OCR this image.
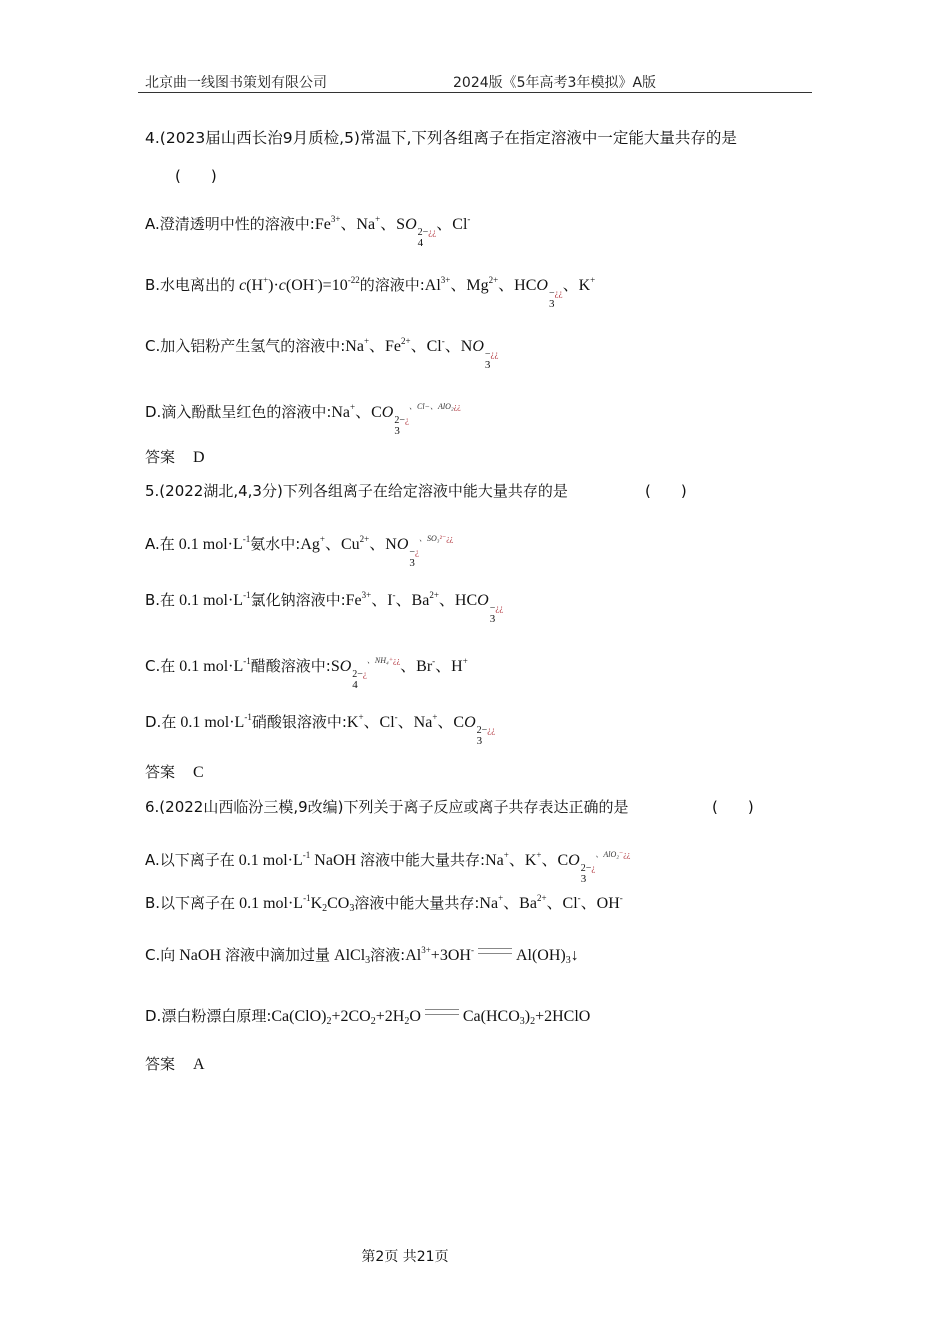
北京曲一线图书策划有限公司	2024版《5年高考3年模拟》A版
4.(2023届山西长治9月质检,5)常温下,下列各组离子在指定溶液中一定能大量共存的是
(　　)
A.澄清透明中性的溶液中$:Fe^{3+}$、Na+、SO 2−¿¿
4
、Cl-
B.水电离出的 $c(H^+)\cdot c(OH^-)=10^{-22}$的溶液中$:Al^{3+}$、$Mg^{2+}$、HCO −¿¿
3
、K+
C.加入铝粉产生氢气的溶液中:Na+、$Fe^{2+}$、Cl-、NO −¿¿
3
D.滴入酚酞呈红色的溶液中:Na+、CO 2−¿
3
$^{、Cl-、AlO_2¿¿}$
答案 D
5.(2022湖北,4,3分)下列各组离子在给定溶液中能大量共存的是	(　　)
A.在 0.1 $mol\cdot L^{-1}$氨水中:Ag+、$Cu^{2+}$、NO −¿
3
$^{、SO_3^{2-}¿¿}$
B.在 0.1 $mol\cdot L^{-1}$氯化钠溶液中$:Fe^{3+}$、I-、$Ba^{2+}$、HCO −¿¿
3
C.在 0.1 $mol\cdot L^{-1}$醋酸溶液中:SO 2−¿
4
$^{、NH_4^+¿¿}$、Br-、H+
D.在 0.1 $mol\cdot L^{-1}$硝酸银溶液中:K+、Cl-、Na+、CO 2−¿¿
3
答案 C
6.(2022山西临汾三模,9改编)下列关于离子反应或离子共存表达正确的是	(　　)
A.以下离子在 0.1 $mol\cdot L^{-1}$ NaOH 溶液中能大量共存:Na+、K+、CO 2−¿
3
$^{、AlO_2^-¿¿}$
B.以下离子在 0.1 $mol\cdot L^{-1}K_2CO_3$溶液中能大量共存:Na+、$Ba^{2+}$、Cl-、OH-
C.向 NaOH 溶液中滴加过量 AlCl$_3$溶液$:Al^{3+}+3OH^-$	$Al(OH)_3↓$
D.漂白粉漂白原理$:Ca(ClO)_2+2CO_2+2H_2O$	$Ca(HCO_3)_2+2HClO$
答案 A
第2页 共21页
